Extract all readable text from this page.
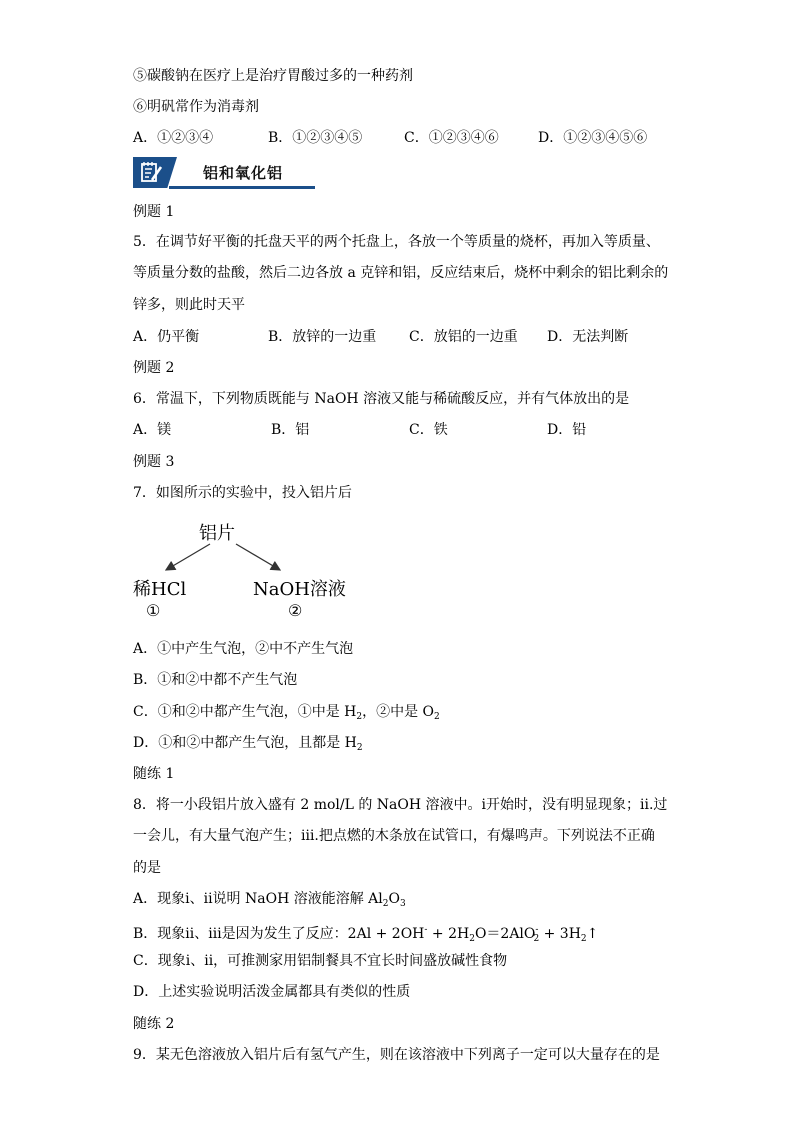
⑤碳酸钠在医疗上是治疗胃酸过多的一种药剂
⑥明矾常作为消毒剂
A．①②③④	B．①②③④⑤	C．①②③④⑥	D．①②③④⑤⑥
铝和氧化铝
例题 1
5．在调节好平衡的托盘天平的两个托盘上，各放一个等质量的烧杯，再加入等质量、
等质量分数的盐酸，然后二边各放 a 克锌和铝，反应结束后，烧杯中剩余的铝比剩余的
锌多，则此时天平
A．仍平衡	B．放锌的一边重 C．放铝的一边重 D．无法判断
例题 2
6．常温下，下列物质既能与 NaOH 溶液又能与稀硫酸反应，并有气体放出的是
A．镁	B．铝	C．铁	D．铅
例题 3
7．如图所示的实验中，投入铝片后
铝片
稀HCl	NaOH溶液
①	②
A．①中产生气泡，②中不产生气泡
B．①和②中都不产生气泡
C．①和②中都产生气泡，①中是 $H_2$，②中是 $O_2$
D．①和②中都产生气泡，且都是 $H_2$
随练 1
8．将一小段铝片放入盛有 2 mol/L 的 NaOH 溶液中。ⅰ开始时，没有明显现象；ⅱ.过
一会儿，有大量气泡产生；ⅲ.把点燃的木条放在试管口，有爆鸣声。下列说法不正确
的是
A．现象ⅰ、ⅱ说明 NaOH 溶液能溶解 $Al_2O_3$
B．现象ⅱ、ⅲ是因为发生了反应：$2Al + 2OH^- + 2H_2O=2AlO^-_2$ + $3H_2↑$
C．现象ⅰ、ⅱ，可推测家用铝制餐具不宜长时间盛放碱性食物
D．上述实验说明活泼金属都具有类似的性质
随练 2
9．某无色溶液放入铝片后有氢气产生，则在该溶液中下列离子一定可以大量存在的是
